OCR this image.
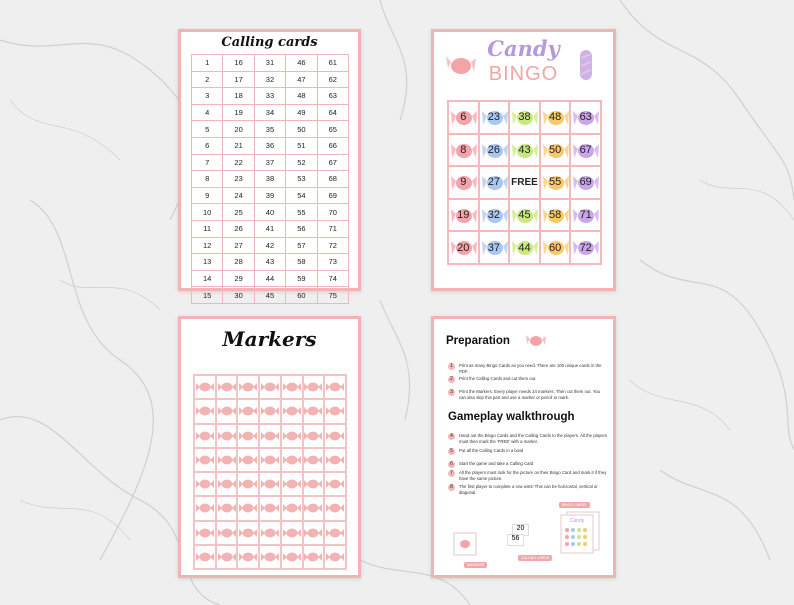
Calling cards
1	16	31	46	61
2	17	32	47	62
3	18	33	48	63
4	19	34	49	64
5	20	35	50	65
6	21	36	51	66
7	22	37	52	67
8	23	38	53	68
9	24	39	54	69
10	25	40	55	70
11	26	41	56	71
12	27	42	57	72
13	28	43	58	73
14	29	44	59	74
15	30	45	60	75
Candy
BINGO
6 23 38 48 63
8 26 43 50 67
9 27 FREE 55 69
19 32 45 58 71
20 37 44 60 72
Markers	Preparation
1	Print as many Bingo Cards as you need. There are 100 unique cards in the PDF.
2	Print the Calling Cards and cut them out.
3	Print the Markers. Every player needs 24 markers. Then cut them out. You can also skip this part and use a marker or pencil to mark.
Gameplay walkthrough
4	Hand out the Bingo Cards and the Calling Cards to the players. All the players must then mark the 'FREE' with a marker.
5	Put all the Calling Cards in a bowl
6	Start the game and take a Calling Card
7	All the players must look for the picture on their Bingo Card and mark it if they have the same picture.
8	The first player to complete a row wins! This can be horizontal, vertical or diagonal.
BINGO CARDS
Candy
20
56
CALLING CARDS
MARKERS
